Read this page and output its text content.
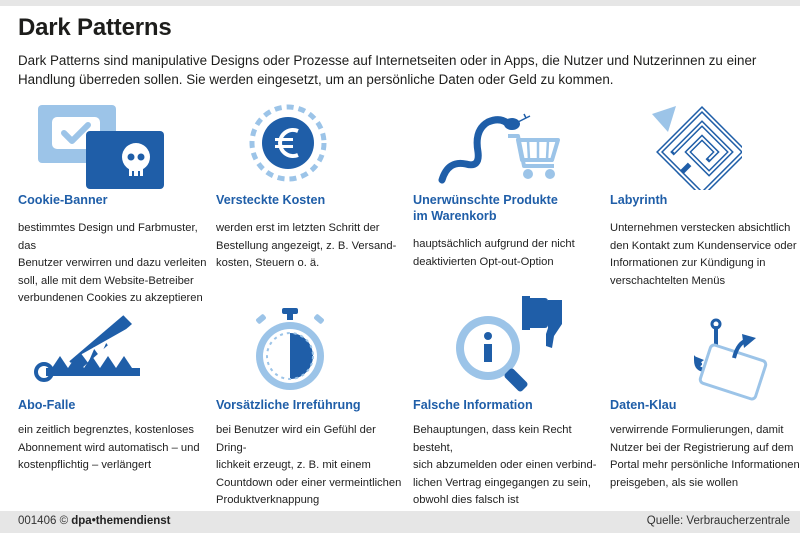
Dark Patterns
Dark Patterns sind manipulative Designs oder Prozesse auf Internetseiten oder in Apps, die Nutzer und Nutzerinnen zu einer Handlung überreden sollen. Sie werden eingesetzt, um an persönliche Daten oder Geld zu kommen.
Cookie-Banner
bestimmtes Design und Farbmuster, das
Benutzer verwirren und dazu verleiten
soll, alle mit dem Website-Betreiber
verbundenen Cookies zu akzeptieren
Versteckte Kosten
werden erst im letzten Schritt der
Bestellung angezeigt, z. B. Versand-
kosten, Steuern o. ä.
Unerwünschte Produkte
im Warenkorb
hauptsächlich aufgrund der nicht
deaktivierten Opt-out-Option
Labyrinth
Unternehmen verstecken absichtlich
den Kontakt zum Kundenservice oder
Informationen zur Kündigung in
verschachtelten Menüs
Abo-Falle
ein zeitlich begrenztes, kostenloses
Abonnement wird automatisch – und
kostenpflichtig – verlängert
Vorsätzliche Irreführung
bei Benutzer wird ein Gefühl der Dring-
lichkeit erzeugt, z. B. mit einem
Countdown oder einer vermeintlichen
Produktverknappung
Falsche Information
Behauptungen, dass kein Recht besteht,
sich abzumelden oder einen verbind-
lichen Vertrag eingegangen zu sein,
obwohl dies falsch ist
Daten-Klau
verwirrende Formulierungen, damit
Nutzer bei der Registrierung auf dem
Portal mehr persönliche Informationen
preisgeben, als sie wollen
001406 © dpa•themendienst	Quelle: Verbraucherzentrale
